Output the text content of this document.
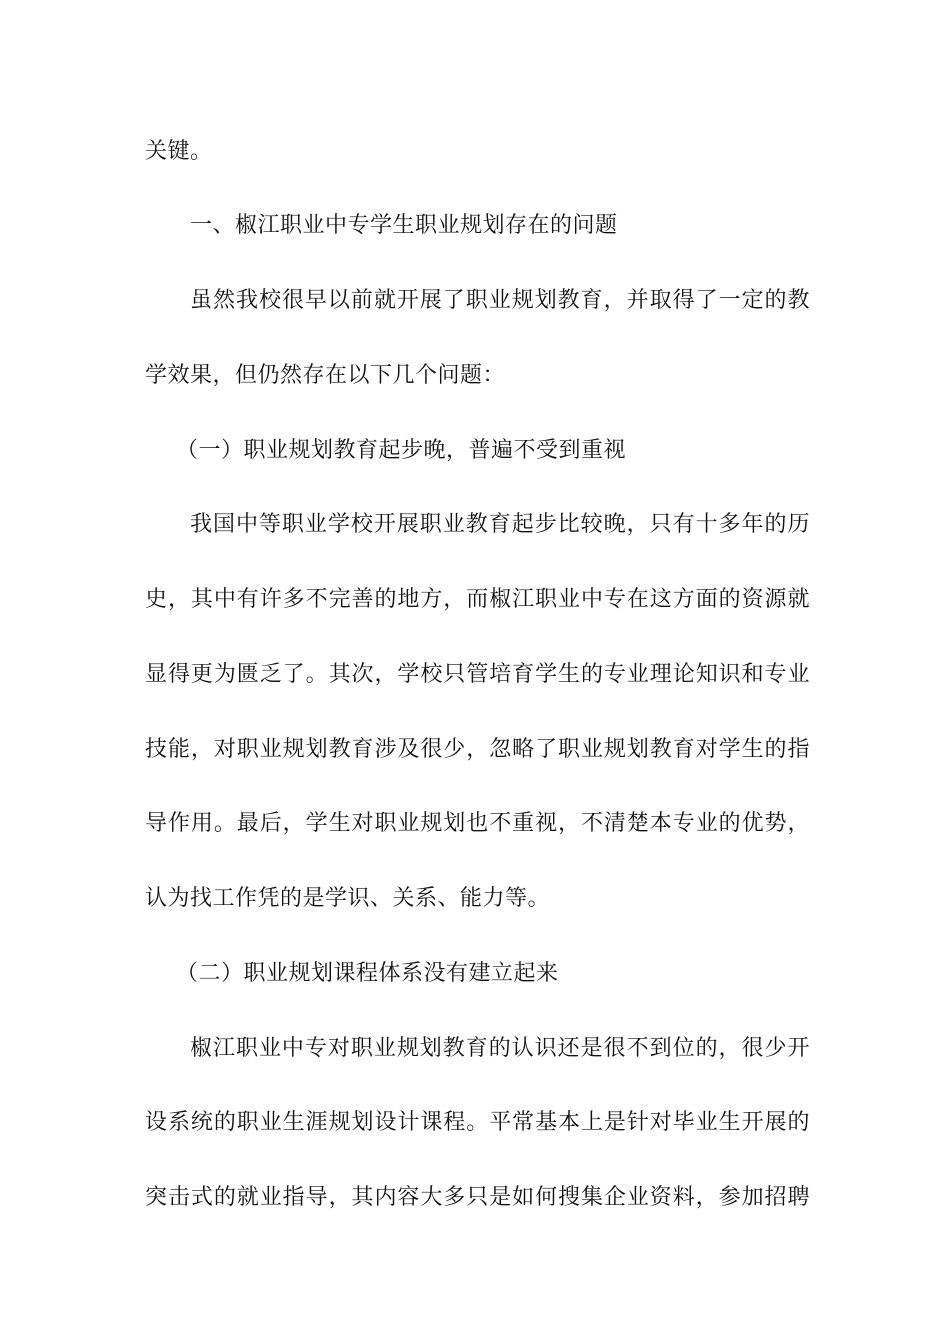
关键。
一、椒江职业中专学生职业规划存在的问题
虽然我校很早以前就开展了职业规划教育，并取得了一定的教
学效果，但仍然存在以下几个问题：
（一）职业规划教育起步晚，普遍不受到重视
我国中等职业学校开展职业教育起步比较晚，只有十多年的历
史，其中有许多不完善的地方，而椒江职业中专在这方面的资源就
显得更为匮乏了。其次，学校只管培育学生的专业理论知识和专业
技能，对职业规划教育涉及很少，忽略了职业规划教育对学生的指
导作用。最后，学生对职业规划也不重视，不清楚本专业的优势，
认为找工作凭的是学识、关系、能力等。
（二）职业规划课程体系没有建立起来
椒江职业中专对职业规划教育的认识还是很不到位的，很少开
设系统的职业生涯规划设计课程。平常基本上是针对毕业生开展的
突击式的就业指导，其内容大多只是如何搜集企业资料，参加招聘
